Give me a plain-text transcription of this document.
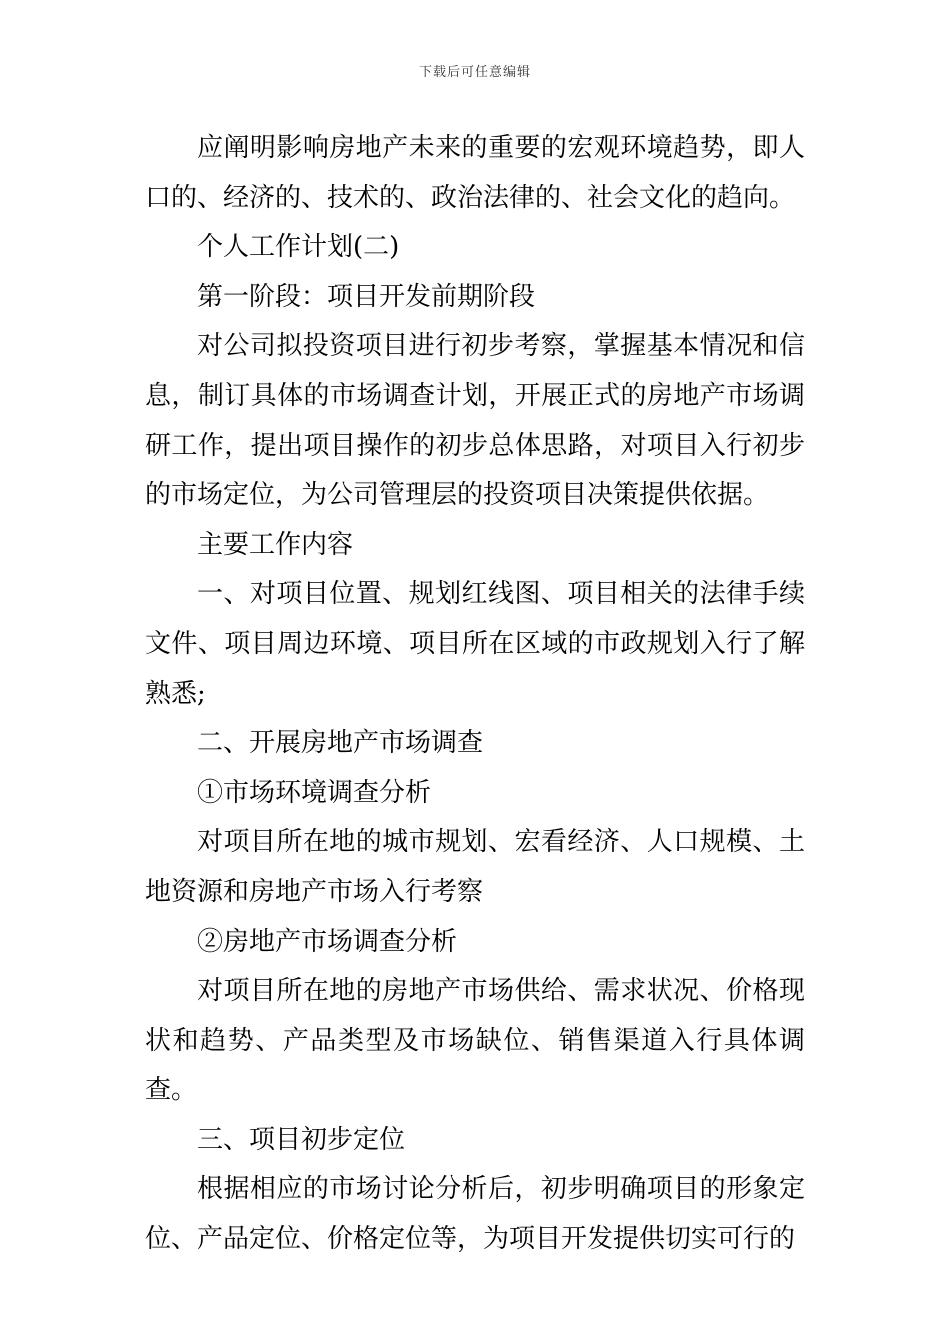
下载后可任意编辑

应阐明影响房地产未来的重要的宏观环境趋势，即人口的、经济的、技术的、政治法律的、社会文化的趋向。

个人工作计划(二)

第一阶段：项目开发前期阶段

对公司拟投资项目进行初步考察，掌握基本情况和信息，制订具体的市场调查计划，开展正式的房地产市场调研工作，提出项目操作的初步总体思路，对项目入行初步的市场定位，为公司管理层的投资项目决策提供依据。

主要工作内容

一、对项目位置、规划红线图、项目相关的法律手续文件、项目周边环境、项目所在区域的市政规划入行了解熟悉;

二、开展房地产市场调查

①市场环境调查分析

对项目所在地的城市规划、宏看经济、人口规模、土地资源和房地产市场入行考察

②房地产市场调查分析

对项目所在地的房地产市场供给、需求状况、价格现状和趋势、产品类型及市场缺位、销售渠道入行具体调查。

三、项目初步定位

根据相应的市场讨论分析后，初步明确项目的形象定位、产品定位、价格定位等，为项目开发提供切实可行的
